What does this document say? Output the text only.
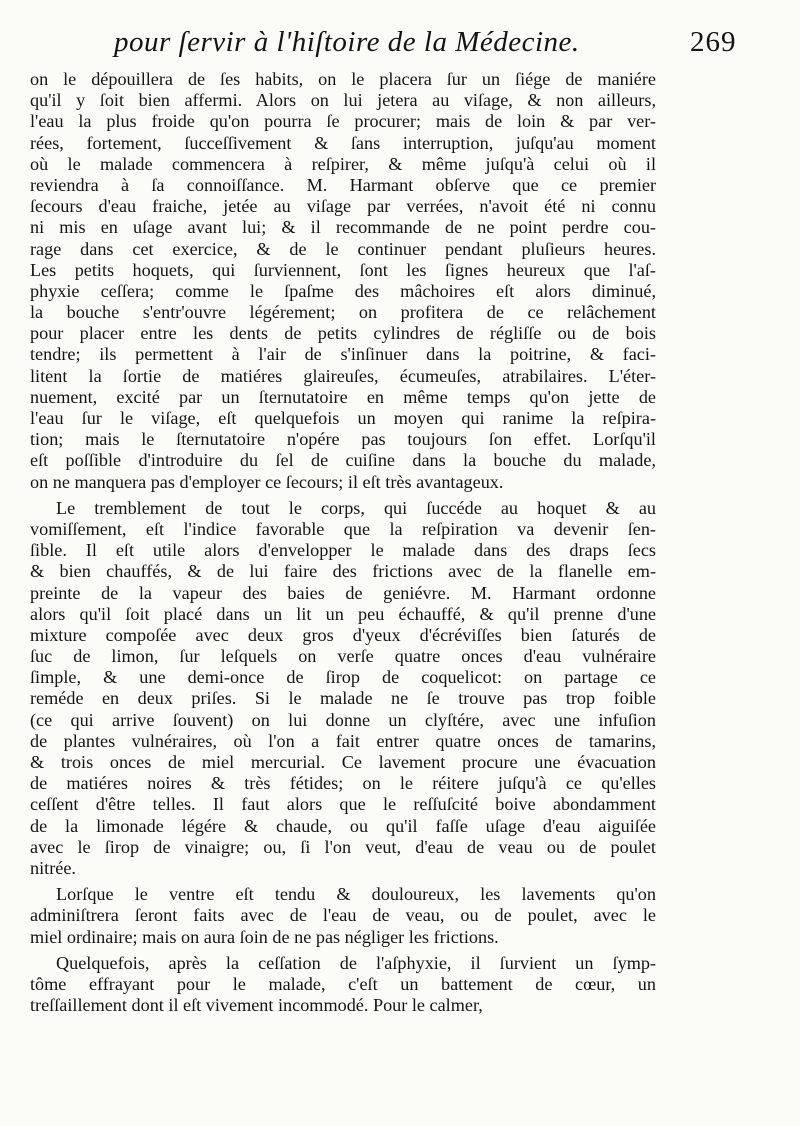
pour ſervir à l'hiſtoire de la Médecine.	269
on le dépouillera de ſes habits, on le placera ſur un ſiége de maniére
qu'il y ſoit bien affermi. Alors on lui jetera au viſage, & non ailleurs,
l'eau la plus froide qu'on pourra ſe procurer; mais de loin & par ver-
rées, fortement, ſucceſſivement & ſans interruption, juſqu'au moment
où le malade commencera à reſpirer, & même juſqu'à celui où il
reviendra à ſa connoiſſance. M. Harmant obſerve que ce premier
ſecours d'eau fraiche, jetée au viſage par verrées, n'avoit été ni connu
ni mis en uſage avant lui; & il recommande de ne point perdre cou-
rage dans cet exercice, & de le continuer pendant pluſieurs heures.
Les petits hoquets, qui ſurviennent, ſont les ſignes heureux que l'aſ-
phyxie ceſſera; comme le ſpaſme des mâchoires eſt alors diminué,
la bouche s'entr'ouvre légérement; on profitera de ce relâchement
pour placer entre les dents de petits cylindres de régliſſe ou de bois
tendre; ils permettent à l'air de s'inſinuer dans la poitrine, & faci-
litent la ſortie de matiéres glaireuſes, écumeuſes, atrabilaires. L'éter-
nuement, excité par un ſternutatoire en même temps qu'on jette de
l'eau ſur le viſage, eſt quelquefois un moyen qui ranime la reſpira-
tion; mais le ſternutatoire n'opére pas toujours ſon effet. Lorſqu'il
eſt poſſible d'introduire du ſel de cuiſine dans la bouche du malade,
on ne manquera pas d'employer ce ſecours; il eſt très avantageux.
Le tremblement de tout le corps, qui ſuccéde au hoquet & au
vomiſſement, eſt l'indice favorable que la reſpiration va devenir ſen-
ſible. Il eſt utile alors d'envelopper le malade dans des draps ſecs
& bien chauffés, & de lui faire des frictions avec de la flanelle em-
preinte de la vapeur des baies de geniévre. M. Harmant ordonne
alors qu'il ſoit placé dans un lit un peu échauffé, & qu'il prenne d'une
mixture compoſée avec deux gros d'yeux d'écréviſſes bien ſaturés de
ſuc de limon, ſur leſquels on verſe quatre onces d'eau vulnéraire
ſimple, & une demi-once de ſirop de coquelicot: on partage ce
reméde en deux priſes. Si le malade ne ſe trouve pas trop foible
(ce qui arrive ſouvent) on lui donne un clyſtére, avec une infuſion
de plantes vulnéraires, où l'on a fait entrer quatre onces de tamarins,
& trois onces de miel mercurial. Ce lavement procure une évacuation
de matiéres noires & très fétides; on le réitere juſqu'à ce qu'elles
ceſſent d'être telles. Il faut alors que le reſſuſcité boive abondamment
de la limonade légére & chaude, ou qu'il faſſe uſage d'eau aiguiſée
avec le ſirop de vinaigre; ou, ſi l'on veut, d'eau de veau ou de poulet
nitrée.
Lorſque le ventre eſt tendu & douloureux, les lavements qu'on
adminiſtrera ſeront faits avec de l'eau de veau, ou de poulet, avec le
miel ordinaire; mais on aura ſoin de ne pas négliger les frictions.
Quelquefois, après la ceſſation de l'aſphyxie, il ſurvient un ſymp-
tôme effrayant pour le malade, c'eſt un battement de cœur, un
treſſaillement dont il eſt vivement incommodé. Pour le calmer,
